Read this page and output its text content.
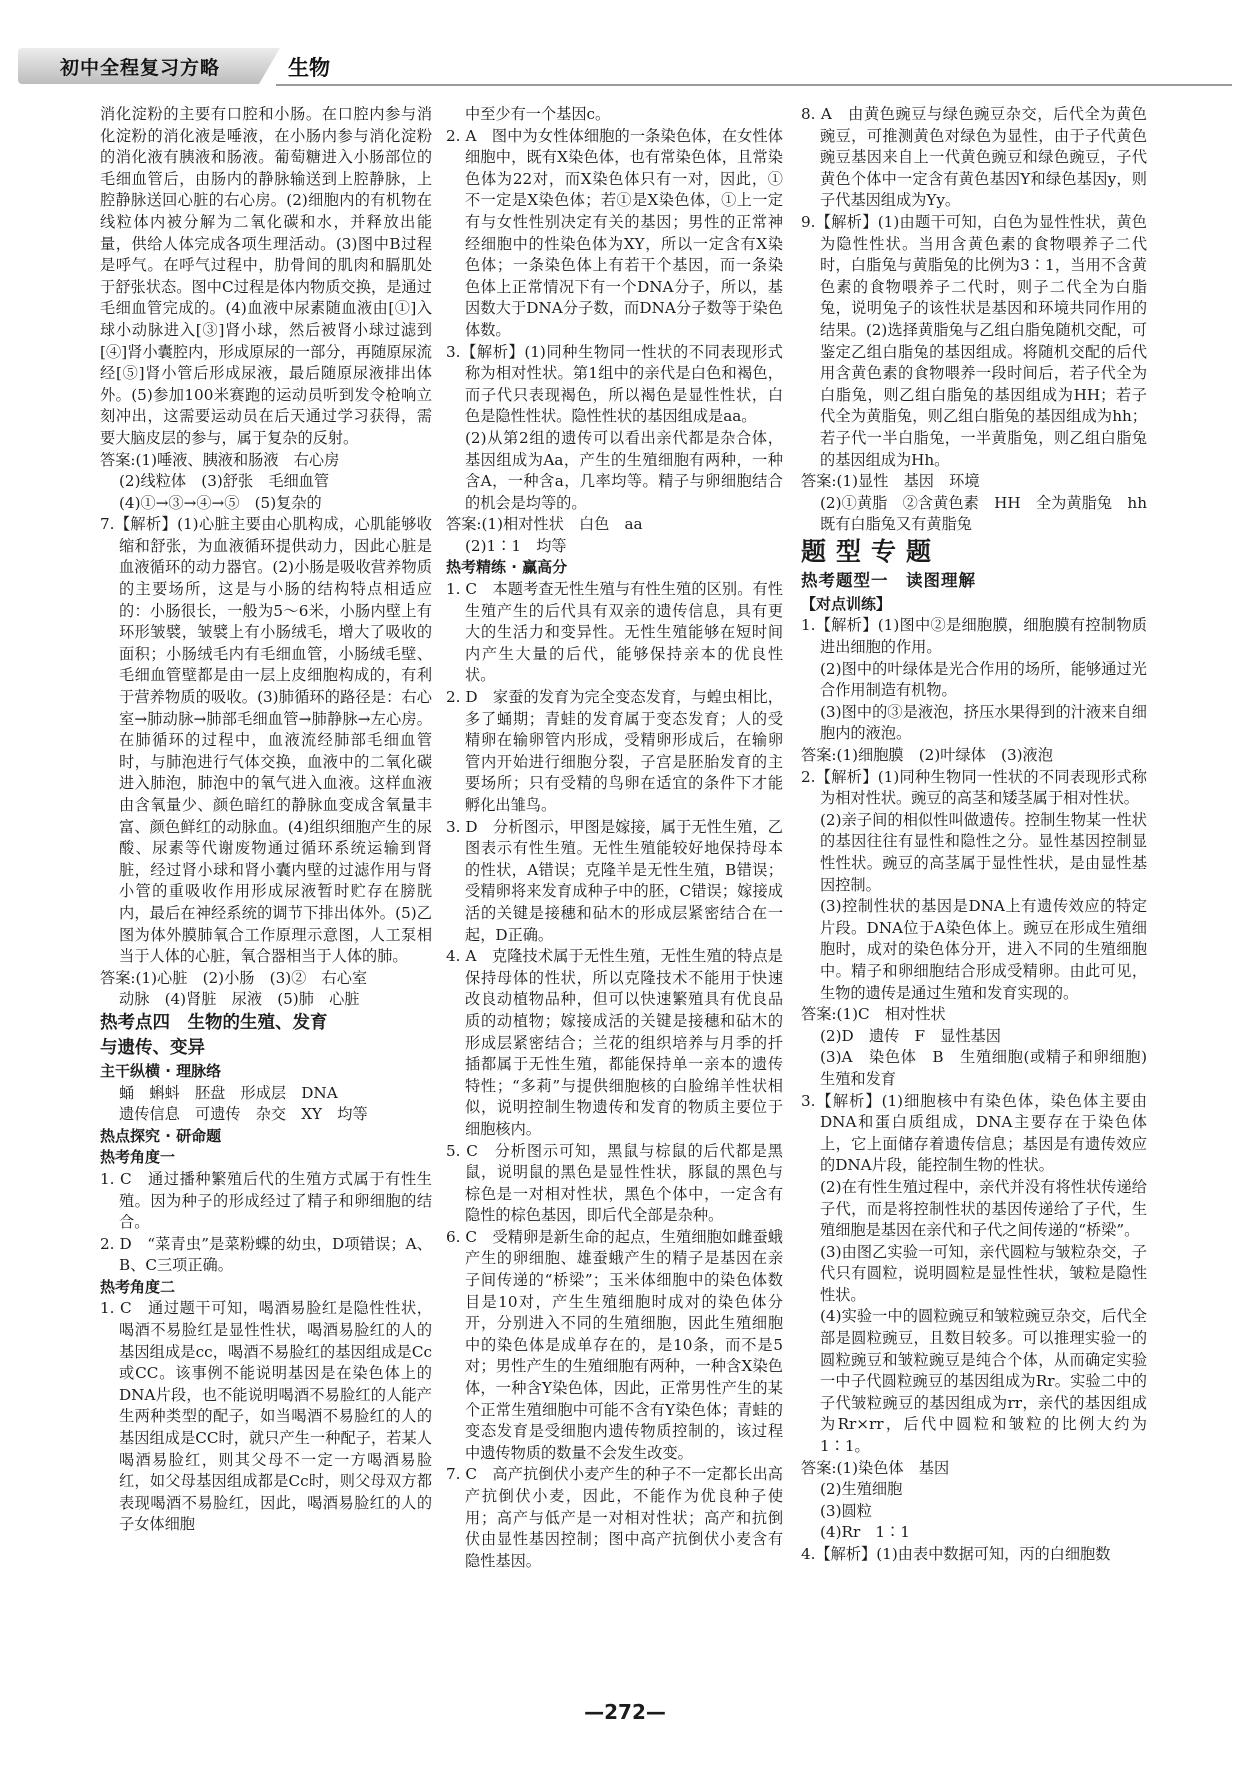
初中全程复习方略	生物

消化淀粉的主要有口腔和小肠。在口腔内参与消化淀粉的消化液是唾液，在小肠内参与消化淀粉的消化液有胰液和肠液。葡萄糖进入小肠部位的毛细血管后，由肠内的静脉输送到上腔静脉，上腔静脉送回心脏的右心房。(2)细胞内的有机物在线粒体内被分解为二氧化碳和水，并释放出能量，供给人体完成各项生理活动。(3)图中B过程是呼气。在呼气过程中，肋骨间的肌肉和膈肌处于舒张状态。图中C过程是体内物质交换，是通过毛细血管完成的。(4)血液中尿素随血液由[①]入球小动脉进入[③]肾小球，然后被肾小球过滤到[④]肾小囊腔内，形成原尿的一部分，再随原尿流经[⑤]肾小管后形成尿液，最后随原尿液排出体外。(5)参加100米赛跑的运动员听到发令枪响立刻冲出，这需要运动员在后天通过学习获得，需要大脑皮层的参与，属于复杂的反射。

答案:(1)唾液、胰液和肠液　右心房

(2)线粒体　(3)舒张　毛细血管

(4)①→③→④→⑤　(5)复杂的

7.【解析】(1)心脏主要由心肌构成，心肌能够收缩和舒张，为血液循环提供动力，因此心脏是血液循环的动力器官。(2)小肠是吸收营养物质的主要场所，这是与小肠的结构特点相适应的：小肠很长，一般为5～6米，小肠内壁上有环形皱襞，皱襞上有小肠绒毛，增大了吸收的面积；小肠绒毛内有毛细血管，小肠绒毛壁、毛细血管壁都是由一层上皮细胞构成的，有利于营养物质的吸收。(3)肺循环的路径是：右心室→肺动脉→肺部毛细血管→肺静脉→左心房。在肺循环的过程中，血液流经肺部毛细血管时，与肺泡进行气体交换，血液中的二氧化碳进入肺泡，肺泡中的氧气进入血液。这样血液由含氧量少、颜色暗红的静脉血变成含氧量丰富、颜色鲜红的动脉血。(4)组织细胞产生的尿酸、尿素等代谢废物通过循环系统运输到肾脏，经过肾小球和肾小囊内壁的过滤作用与肾小管的重吸收作用形成尿液暂时贮存在膀胱内，最后在神经系统的调节下排出体外。(5)乙图为体外膜肺氧合工作原理示意图，人工泵相当于人体的心脏，氧合器相当于人体的肺。

答案:(1)心脏　(2)小肠　(3)②　右心室

动脉　(4)肾脏　尿液　(5)肺　心脏

热考点四　生物的生殖、发育

与遗传、变异

主干纵横 · 理脉络

蛹　蝌蚪　胚盘　形成层　DNA

遗传信息　可遗传　杂交　XY　均等

热点探究 · 研命题

热考角度一

1. C　通过播种繁殖后代的生殖方式属于有性生殖。因为种子的形成经过了精子和卵细胞的结合。

2. D　“菜青虫”是菜粉蝶的幼虫，D项错误；A、B、C三项正确。

热考角度二

1. C　通过题干可知，喝酒易脸红是隐性性状，喝酒不易脸红是显性性状，喝酒易脸红的人的基因组成是cc，喝酒不易脸红的基因组成是Cc或CC。该事例不能说明基因是在染色体上的DNA片段，也不能说明喝酒不易脸红的人能产生两种类型的配子，如当喝酒不易脸红的人的基因组成是CC时，就只产生一种配子，若某人喝酒易脸红，则其父母不一定一方喝酒易脸红，如父母基因组成都是Cc时，则父母双方都表现喝酒不易脸红，因此，喝酒易脸红的人的子女体细胞

中至少有一个基因c。

2. A　图中为女性体细胞的一条染色体，在女性体细胞中，既有X染色体，也有常染色体，且常染色体为22对，而X染色体只有一对，因此，①不一定是X染色体；若①是X染色体，①上一定有与女性性别决定有关的基因；男性的正常神经细胞中的性染色体为XY，所以一定含有X染色体；一条染色体上有若干个基因，而一条染色体上正常情况下有一个DNA分子，所以，基因数大于DNA分子数，而DNA分子数等于染色体数。

3.【解析】(1)同种生物同一性状的不同表现形式称为相对性状。第1组中的亲代是白色和褐色，而子代只表现褐色，所以褐色是显性性状，白色是隐性性状。隐性性状的基因组成是aa。

(2)从第2组的遗传可以看出亲代都是杂合体，基因组成为Aa，产生的生殖细胞有两种，一种含A，一种含a，几率均等。精子与卵细胞结合的机会是均等的。

答案:(1)相对性状　白色　aa

(2)1∶1　均等

热考精练 · 赢高分

1. C　本题考查无性生殖与有性生殖的区别。有性生殖产生的后代具有双亲的遗传信息，具有更大的生活力和变异性。无性生殖能够在短时间内产生大量的后代，能够保持亲本的优良性状。

2. D　家蚕的发育为完全变态发育，与蝗虫相比，多了蛹期；青蛙的发育属于变态发育；人的受精卵在输卵管内形成，受精卵形成后，在输卵管内开始进行细胞分裂，子宫是胚胎发育的主要场所；只有受精的鸟卵在适宜的条件下才能孵化出雏鸟。

3. D　分析图示，甲图是嫁接，属于无性生殖，乙图表示有性生殖。无性生殖能较好地保持母本的性状，A错误；克隆羊是无性生殖，B错误；受精卵将来发育成种子中的胚，C错误；嫁接成活的关键是接穗和砧木的形成层紧密结合在一起，D正确。

4. A　克隆技术属于无性生殖，无性生殖的特点是保持母体的性状，所以克隆技术不能用于快速改良动植物品种，但可以快速繁殖具有优良品质的动植物；嫁接成活的关键是接穗和砧木的形成层紧密结合；兰花的组织培养与月季的扦插都属于无性生殖，都能保持单一亲本的遗传特性；“多莉”与提供细胞核的白脸绵羊性状相似，说明控制生物遗传和发育的物质主要位于细胞核内。

5. C　分析图示可知，黑鼠与棕鼠的后代都是黑鼠，说明鼠的黑色是显性性状，豚鼠的黑色与棕色是一对相对性状，黑色个体中，一定含有隐性的棕色基因，即后代全部是杂种。

6. C　受精卵是新生命的起点，生殖细胞如雌蚕蛾产生的卵细胞、雄蚕蛾产生的精子是基因在亲子间传递的“桥梁”；玉米体细胞中的染色体数目是10对，产生生殖细胞时成对的染色体分开，分别进入不同的生殖细胞，因此生殖细胞中的染色体是成单存在的，是10条，而不是5对；男性产生的生殖细胞有两种，一种含X染色体，一种含Y染色体，因此，正常男性产生的某个正常生殖细胞中可能不含有Y染色体；青蛙的变态发育是受细胞内遗传物质控制的，该过程中遗传物质的数量不会发生改变。

7. C　高产抗倒伏小麦产生的种子不一定都长出高产抗倒伏小麦，因此，不能作为优良种子使用；高产与低产是一对相对性状；高产和抗倒伏由显性基因控制；图中高产抗倒伏小麦含有隐性基因。

8. A　由黄色豌豆与绿色豌豆杂交，后代全为黄色豌豆，可推测黄色对绿色为显性，由于子代黄色豌豆基因来自上一代黄色豌豆和绿色豌豆，子代黄色个体中一定含有黄色基因Y和绿色基因y，则子代基因组成为Yy。

9.【解析】(1)由题干可知，白色为显性性状，黄色为隐性性状。当用含黄色素的食物喂养子二代时，白脂兔与黄脂兔的比例为3∶1，当用不含黄色素的食物喂养子二代时，则子二代全为白脂兔，说明兔子的该性状是基因和环境共同作用的结果。(2)选择黄脂兔与乙组白脂兔随机交配，可鉴定乙组白脂兔的基因组成。将随机交配的后代用含黄色素的食物喂养一段时间后，若子代全为白脂兔，则乙组白脂兔的基因组成为HH；若子代全为黄脂兔，则乙组白脂兔的基因组成为hh；若子代一半白脂兔，一半黄脂兔，则乙组白脂兔的基因组成为Hh。

答案:(1)显性　基因　环境

(2)①黄脂　②含黄色素　HH　全为黄脂兔　hh　既有白脂兔又有黄脂兔

题型专题

热考题型一　读图理解

【对点训练】

1.【解析】(1)图中②是细胞膜，细胞膜有控制物质进出细胞的作用。

(2)图中的叶绿体是光合作用的场所，能够通过光合作用制造有机物。

(3)图中的③是液泡，挤压水果得到的汁液来自细胞内的液泡。

答案:(1)细胞膜　(2)叶绿体　(3)液泡

2.【解析】(1)同种生物同一性状的不同表现形式称为相对性状。豌豆的高茎和矮茎属于相对性状。

(2)亲子间的相似性叫做遗传。控制生物某一性状的基因往往有显性和隐性之分。显性基因控制显性性状。豌豆的高茎属于显性性状，是由显性基因控制。

(3)控制性状的基因是DNA上有遗传效应的特定片段。DNA位于A染色体上。豌豆在形成生殖细胞时，成对的染色体分开，进入不同的生殖细胞中。精子和卵细胞结合形成受精卵。由此可见，生物的遗传是通过生殖和发育实现的。

答案:(1)C　相对性状

(2)D　遗传　F　显性基因

(3)A　染色体　B　生殖细胞(或精子和卵细胞)　生殖和发育

3.【解析】(1)细胞核中有染色体，染色体主要由DNA和蛋白质组成，DNA主要存在于染色体上，它上面储存着遗传信息；基因是有遗传效应的DNA片段，能控制生物的性状。

(2)在有性生殖过程中，亲代并没有将性状传递给子代，而是将控制性状的基因传递给了子代，生殖细胞是基因在亲代和子代之间传递的“桥梁”。

(3)由图乙实验一可知，亲代圆粒与皱粒杂交，子代只有圆粒，说明圆粒是显性性状，皱粒是隐性性状。

(4)实验一中的圆粒豌豆和皱粒豌豆杂交，后代全部是圆粒豌豆，且数目较多。可以推理实验一的圆粒豌豆和皱粒豌豆是纯合个体，从而确定实验一中子代圆粒豌豆的基因组成为Rr。实验二中的子代皱粒豌豆的基因组成为rr，亲代的基因组成为Rr×rr，后代中圆粒和皱粒的比例大约为1∶1。

答案:(1)染色体　基因

(2)生殖细胞

(3)圆粒

(4)Rr　1∶1

4.【解析】(1)由表中数据可知，丙的白细胞数

—272—
